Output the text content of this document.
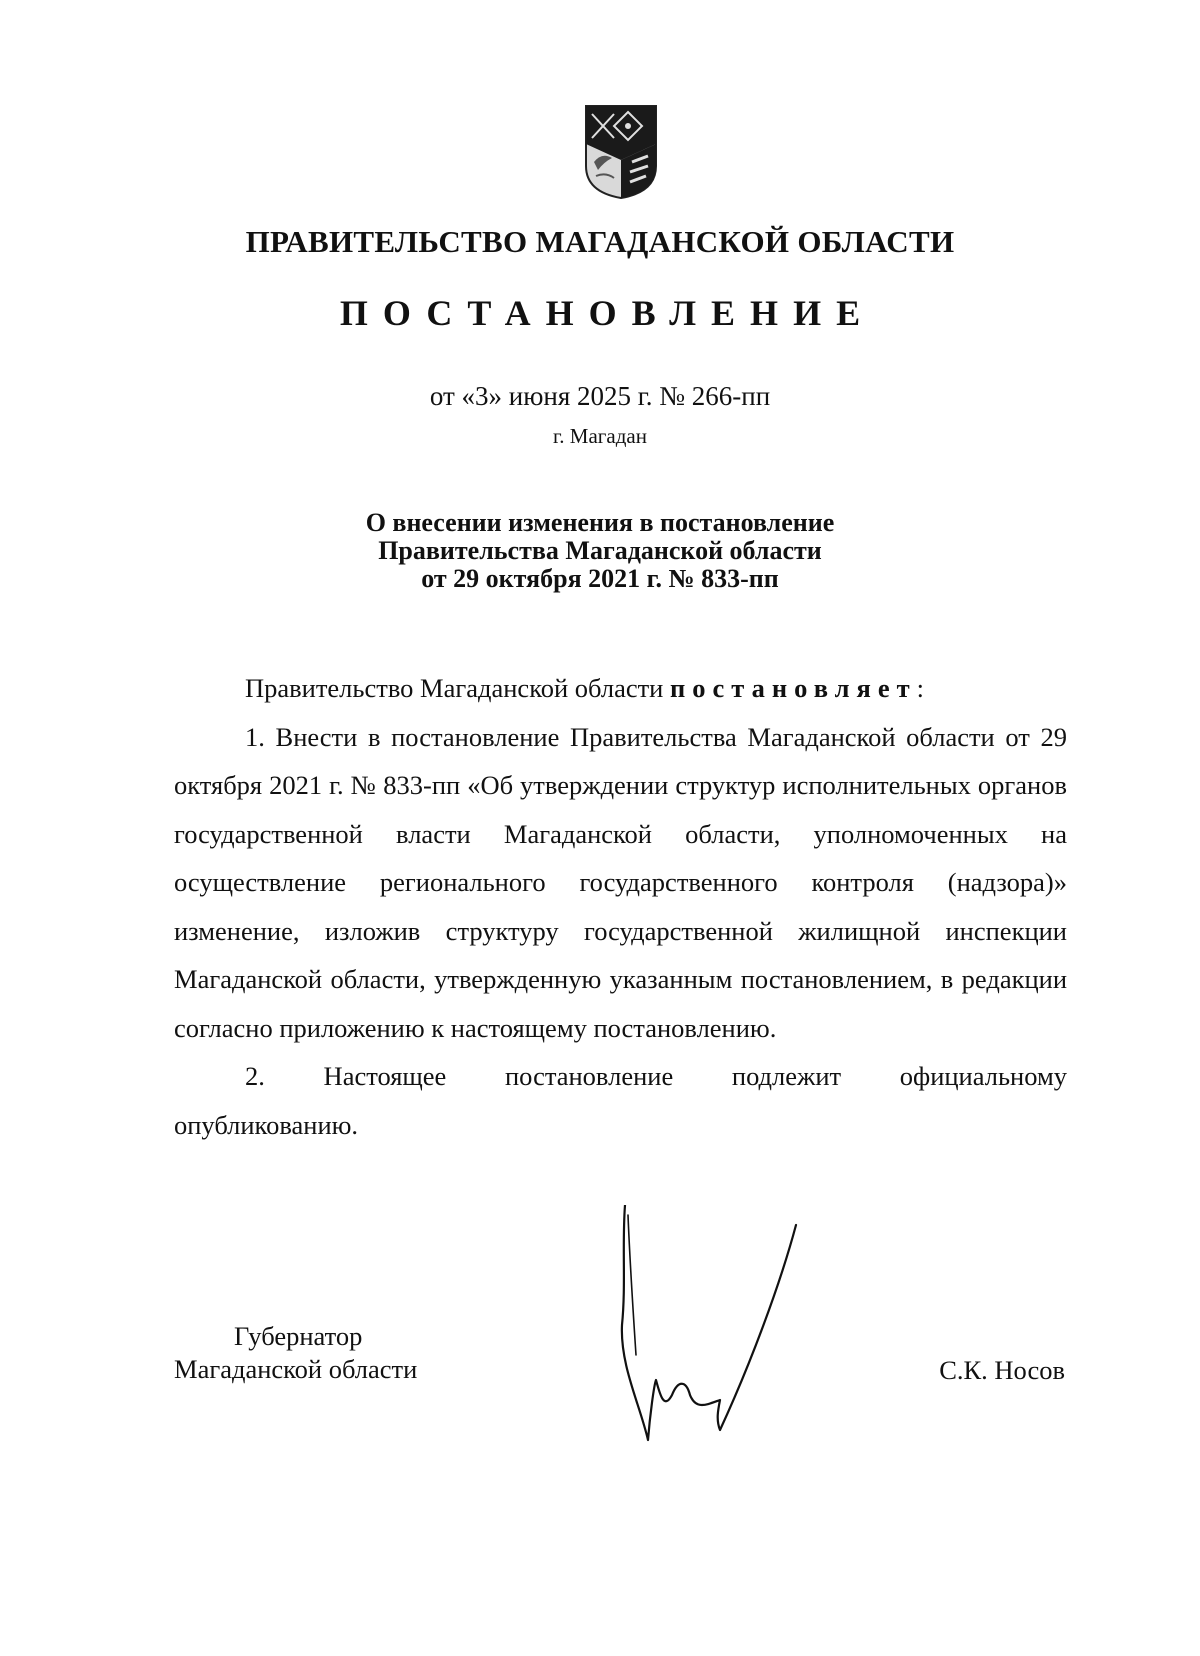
ПРАВИТЕЛЬСТВО МАГАДАНСКОЙ ОБЛАСТИ
ПОСТАНОВЛЕНИЕ
от «3» июня 2025 г. № 266-пп
г. Магадан
О внесении изменения в постановление
Правительства Магаданской области
от 29 октября 2021 г. № 833-пп

Правительство Магаданской области постановляет:

1. Внести в постановление Правительства Магаданской области от 29 октября 2021 г. № 833-пп «Об утверждении структур исполнительных органов государственной власти Магаданской области, уполномоченных на осуществление регионального государственного контроля (надзора)» изменение, изложив структуру государственной жилищной инспекции Магаданской области, утвержденную указанным постановлением, в редакции согласно приложению к настоящему постановлению.

2. Настоящее постановление подлежит официальному

опубликованию.

Губернатор
Магаданской области	С.К. Носов
